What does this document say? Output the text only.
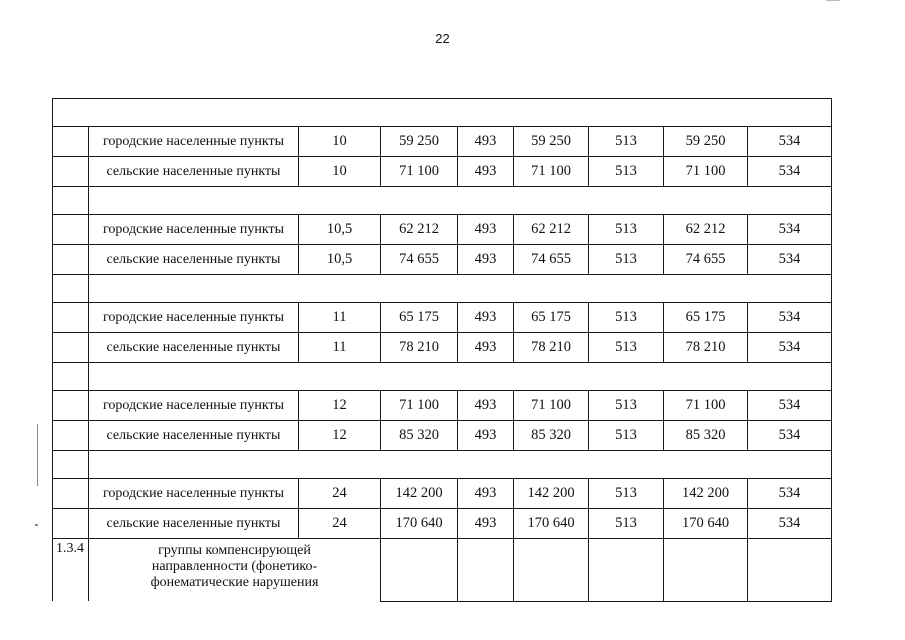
22

	городские населенные пункты	10	59 250	493	59 250	513	59 250	534
	сельские населенные пункты	10	71 100	493	71 100	513	71 100	534

	городские населенные пункты	10,5	62 212	493	62 212	513	62 212	534
	сельские населенные пункты	10,5	74 655	493	74 655	513	74 655	534

	городские населенные пункты	11	65 175	493	65 175	513	65 175	534
	сельские населенные пункты	11	78 210	493	78 210	513	78 210	534

	городские населенные пункты	12	71 100	493	71 100	513	71 100	534
	сельские населенные пункты	12	85 320	493	85 320	513	85 320	534

	городские населенные пункты	24	142 200	493	142 200	513	142 200	534
	сельские населенные пункты	24	170 640	493	170 640	513	170 640	534
1.3.4	группы компенсирующей
направленности (фонетико-
фонематические нарушения							
